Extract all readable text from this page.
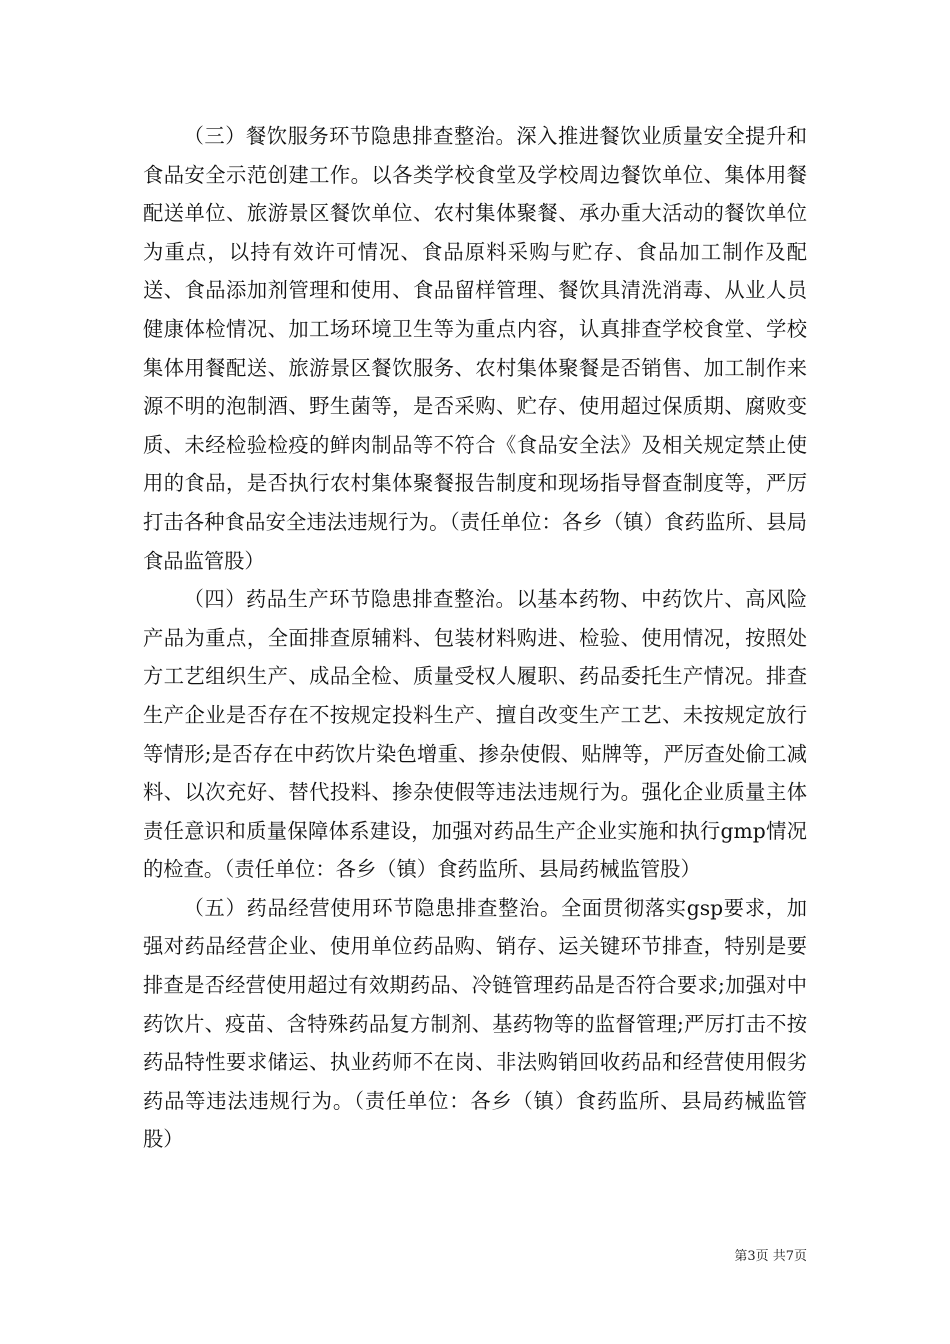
（三）餐饮服务环节隐患排查整治。深入推进餐饮业质量安全提升和食品安全示范创建工作。以各类学校食堂及学校周边餐饮单位、集体用餐配送单位、旅游景区餐饮单位、农村集体聚餐、承办重大活动的餐饮单位为重点，以持有效许可情况、食品原料采购与贮存、食品加工制作及配送、食品添加剂管理和使用、食品留样管理、餐饮具清洗消毒、从业人员健康体检情况、加工场环境卫生等为重点内容，认真排查学校食堂、学校集体用餐配送、旅游景区餐饮服务、农村集体聚餐是否销售、加工制作来源不明的泡制酒、野生菌等，是否采购、贮存、使用超过保质期、腐败变质、未经检验检疫的鲜肉制品等不符合《食品安全法》及相关规定禁止使用的食品，是否执行农村集体聚餐报告制度和现场指导督查制度等，严厉打击各种食品安全违法违规行为。（责任单位：各乡（镇）食药监所、县局食品监管股）

（四）药品生产环节隐患排查整治。以基本药物、中药饮片、高风险产品为重点，全面排查原辅料、包装材料购进、检验、使用情况，按照处方工艺组织生产、成品全检、质量受权人履职、药品委托生产情况。排查生产企业是否存在不按规定投料生产、擅自改变生产工艺、未按规定放行等情形;是否存在中药饮片染色增重、掺杂使假、贴牌等，严厉查处偷工减料、以次充好、替代投料、掺杂使假等违法违规行为。强化企业质量主体责任意识和质量保障体系建设，加强对药品生产企业实施和执行gmp情况的检查。（责任单位：各乡（镇）食药监所、县局药械监管股）

（五）药品经营使用环节隐患排查整治。全面贯彻落实gsp要求，加强对药品经营企业、使用单位药品购、销存、运关键环节排查，特别是要排查是否经营使用超过有效期药品、冷链管理药品是否符合要求;加强对中药饮片、疫苗、含特殊药品复方制剂、基药物等的监督管理;严厉打击不按药品特性要求储运、执业药师不在岗、非法购销回收药品和经营使用假劣药品等违法违规行为。（责任单位：各乡（镇）食药监所、县局药械监管股）

第3页 共7页
